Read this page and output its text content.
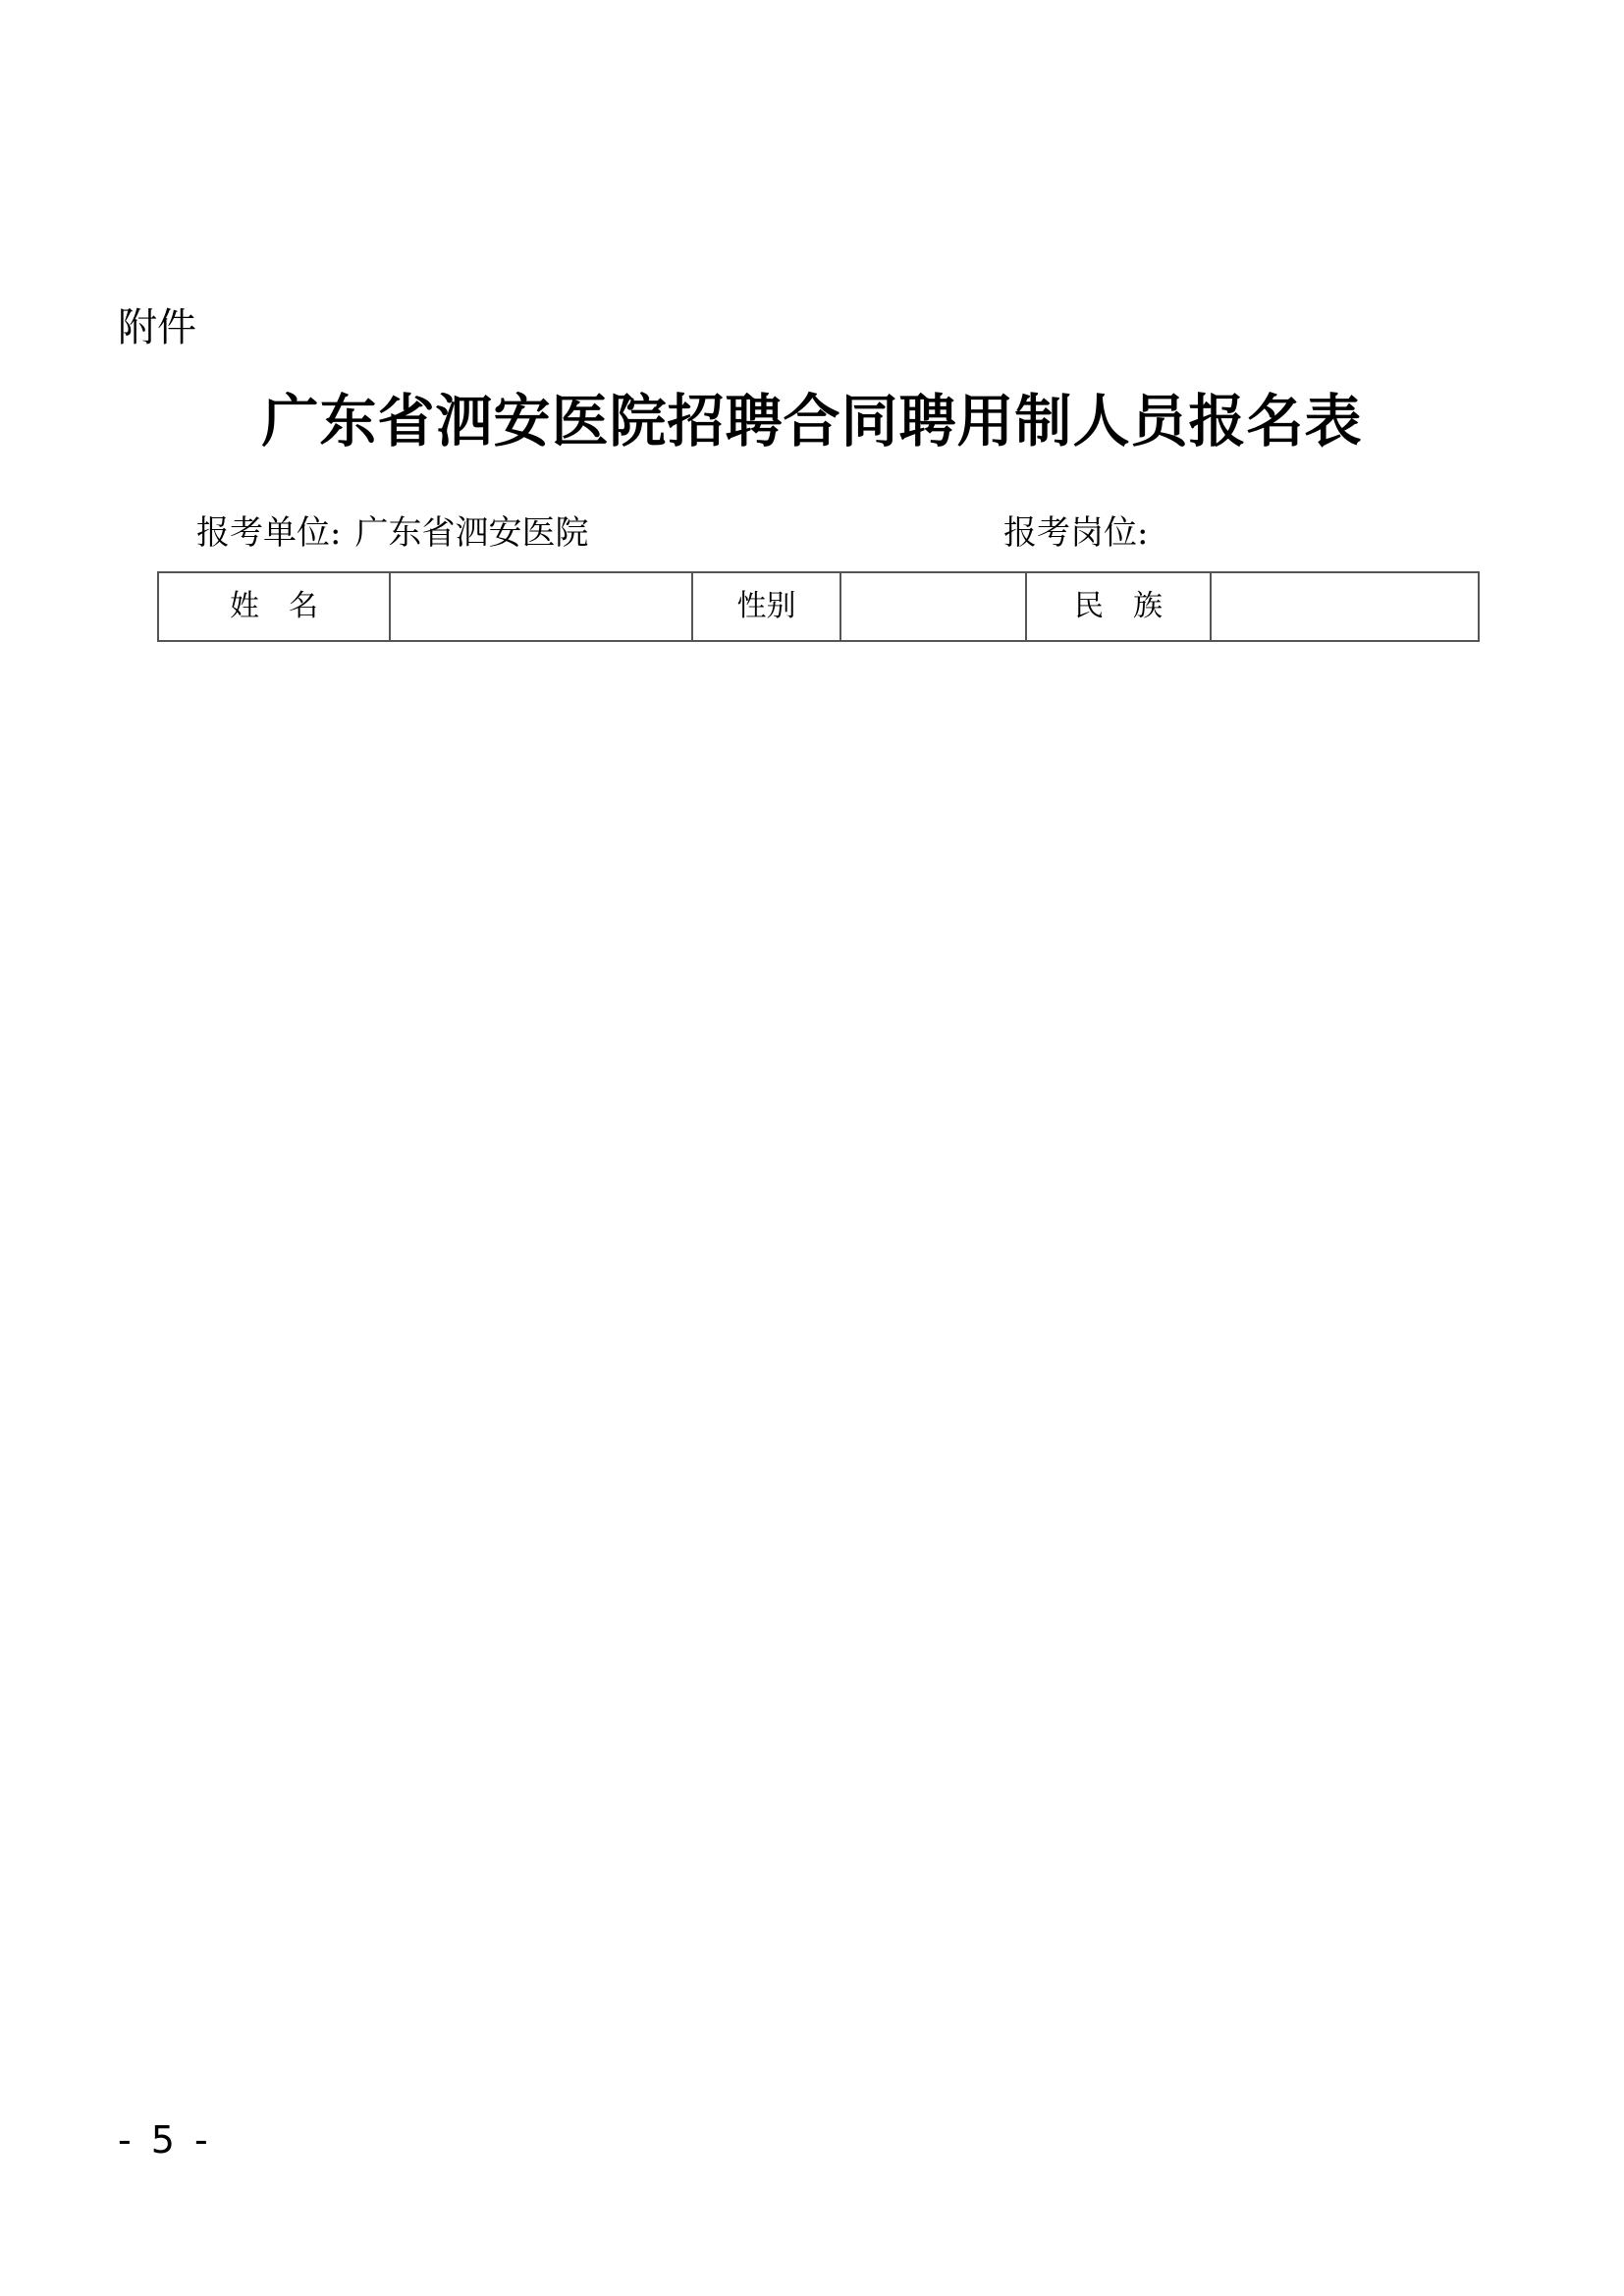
附件
广东省泗安医院招聘合同聘用制人员报名表
报考单位: 广东省泗安医院	报考岗位:
姓　名		性别		民　族	
- 5 -
